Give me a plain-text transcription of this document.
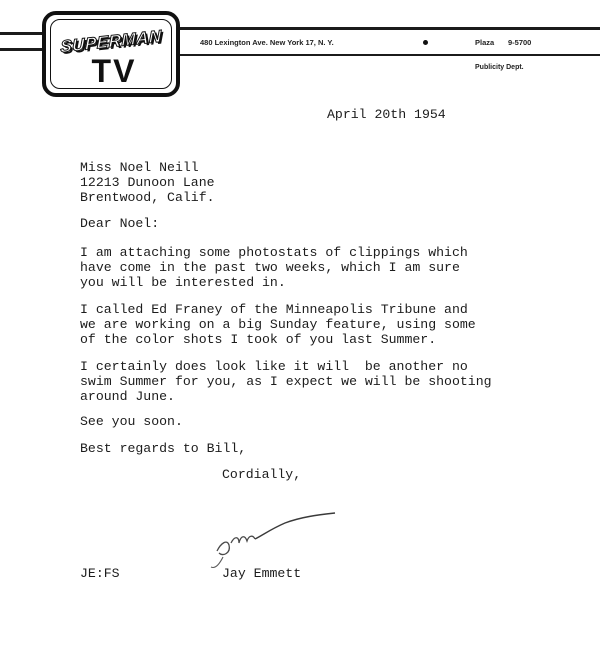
SUPERMAN
TV
480 Lexington Ave. New York 17, N. Y.	Plaza 9-5700
Publicity Dept.
April 20th 1954
Miss Noel Neill
12213 Dunoon Lane
Brentwood, Calif.
Dear Noel:
I am attaching some photostats of clippings which
have come in the past two weeks, which I am sure
you will be interested in.
I called Ed Franey of the Minneapolis Tribune and
we are working on a big Sunday feature, using some
of the color shots I took of you last Summer.
I certainly does look like it will  be another no
swim Summer for you, as I expect we will be shooting
around June.
See you soon.
Best regards to Bill,
Cordially,
JE:FS	Jay Emmett
